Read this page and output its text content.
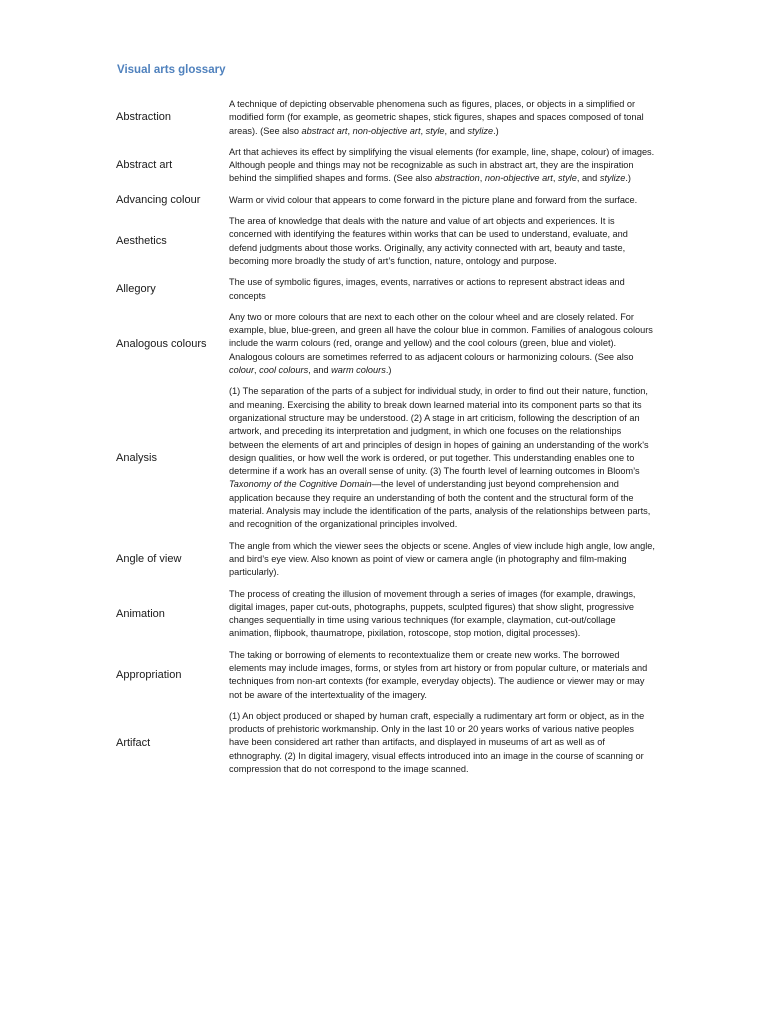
Visual arts glossary
Abstraction
A technique of depicting observable phenomena such as figures, places, or objects in a simplified or modified form (for example, as geometric shapes, stick figures, shapes and spaces composed of tonal areas). (See also abstract art, non-objective art, style, and stylize.)
Abstract art
Art that achieves its effect by simplifying the visual elements (for example, line, shape, colour) of images. Although people and things may not be recognizable as such in abstract art, they are the inspiration behind the simplified shapes and forms. (See also abstraction, non-objective art, style, and stylize.)
Advancing colour	Warm or vivid colour that appears to come forward in the picture plane and forward from the surface.
Aesthetics
The area of knowledge that deals with the nature and value of art objects and experiences. It is concerned with identifying the features within works that can be used to understand, evaluate, and defend judgments about those works. Originally, any activity connected with art, beauty and taste, becoming more broadly the study of art’s function, nature, ontology and purpose.
Allegory
The use of symbolic figures, images, events, narratives or actions to represent abstract ideas and concepts
Analogous colours
Any two or more colours that are next to each other on the colour wheel and are closely related. For example, blue, blue-green, and green all have the colour blue in common. Families of analogous colours include the warm colours (red, orange and yellow) and the cool colours (green, blue and violet). Analogous colours are sometimes referred to as adjacent colours or harmonizing colours. (See also colour, cool colours, and warm colours.)
Analysis
(1) The separation of the parts of a subject for individual study, in order to find out their nature, function, and meaning. Exercising the ability to break down learned material into its component parts so that its organizational structure may be understood. (2) A stage in art criticism, following the description of an artwork, and preceding its interpretation and judgment, in which one focuses on the relationships between the elements of art and principles of design in hopes of gaining an understanding of the work's design qualities, or how well the work is ordered, or put together. This understanding enables one to determine if a work has an overall sense of unity. (3) The fourth level of learning outcomes in Bloom’s Taxonomy of the Cognitive Domain—the level of understanding just beyond comprehension and application because they require an understanding of both the content and the structural form of the material. Analysis may include the identification of the parts, analysis of the relationships between parts, and recognition of the organizational principles involved.
Angle of view
The angle from which the viewer sees the objects or scene. Angles of view include high angle, low angle, and bird’s eye view. Also known as point of view or camera angle (in photography and film-making particularly).
Animation
The process of creating the illusion of movement through a series of images (for example, drawings, digital images, paper cut-outs, photographs, puppets, sculpted figures) that show slight, progressive changes sequentially in time using various techniques (for example, claymation, cut-out/collage animation, flipbook, thaumatrope, pixilation, rotoscope, stop motion, digital processes).
Appropriation
The taking or borrowing of elements to recontextualize them or create new works. The borrowed elements may include images, forms, or styles from art history or from popular culture, or materials and techniques from non-art contexts (for example, everyday objects). The audience or viewer may or may not be aware of the intertextuality of the imagery.
Artifact
(1) An object produced or shaped by human craft, especially a rudimentary art form or object, as in the products of prehistoric workmanship. Only in the last 10 or 20 years works of various native peoples have been considered art rather than artifacts, and displayed in museums of art as well as of ethnography. (2) In digital imagery, visual effects introduced into an image in the course of scanning or compression that do not correspond to the image scanned.
